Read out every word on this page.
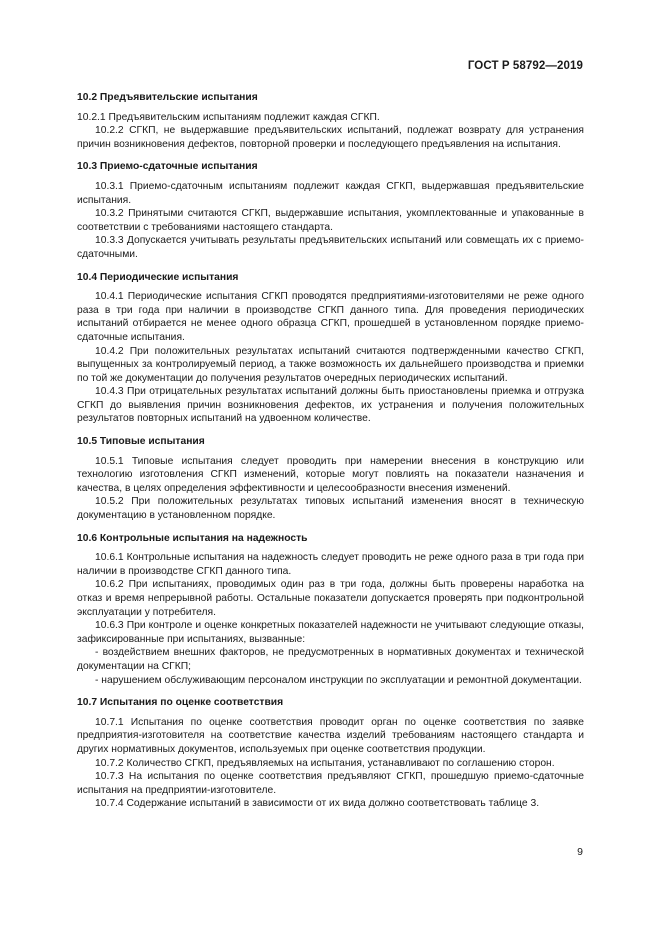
ГОСТ Р 58792—2019
10.2 Предъявительские испытания

10.2.1 Предъявительским испытаниям подлежит каждая СГКП.

10.2.2 СГКП, не выдержавшие предъявительских испытаний, подлежат возврату для устранения причин возникновения дефектов, повторной проверки и последующего предъявления на испытания.

10.3 Приемо-сдаточные испытания

10.3.1 Приемо-сдаточным испытаниям подлежит каждая СГКП, выдержавшая предъявительские испытания.

10.3.2 Принятыми считаются СГКП, выдержавшие испытания, укомплектованные и упакованные в соответствии с требованиями настоящего стандарта.

10.3.3 Допускается учитывать результаты предъявительских испытаний или совмещать их с приемо-сдаточными.

10.4 Периодические испытания

10.4.1 Периодические испытания СГКП проводятся предприятиями-изготовителями не реже одного раза в три года при наличии в производстве СГКП данного типа. Для проведения периодических испытаний отбирается не менее одного образца СГКП, прошедшей в установленном порядке приемо-сдаточные испытания.

10.4.2 При положительных результатах испытаний считаются подтвержденными качество СГКП, выпущенных за контролируемый период, а также возможность их дальнейшего производства и приемки по той же документации до получения результатов очередных периодических испытаний.

10.4.3 При отрицательных результатах испытаний должны быть приостановлены приемка и отгрузка СГКП до выявления причин возникновения дефектов, их устранения и получения положительных результатов повторных испытаний на удвоенном количестве.

10.5 Типовые испытания

10.5.1 Типовые испытания следует проводить при намерении внесения в конструкцию или технологию изготовления СГКП изменений, которые могут повлиять на показатели назначения и качества, в целях определения эффективности и целесообразности внесения изменений.

10.5.2 При положительных результатах типовых испытаний изменения вносят в техническую документацию в установленном порядке.

10.6 Контрольные испытания на надежность

10.6.1 Контрольные испытания на надежность следует проводить не реже одного раза в три года при наличии в производстве СГКП данного типа.

10.6.2 При испытаниях, проводимых один раз в три года, должны быть проверены наработка на отказ и время непрерывной работы. Остальные показатели допускается проверять при подконтрольной эксплуатации у потребителя.

10.6.3 При контроле и оценке конкретных показателей надежности не учитывают следующие отказы, зафиксированные при испытаниях, вызванные:

- воздействием внешних факторов, не предусмотренных в нормативных документах и технической документации на СГКП;

- нарушением обслуживающим персоналом инструкции по эксплуатации и ремонтной документации.

10.7 Испытания по оценке соответствия

10.7.1 Испытания по оценке соответствия проводит орган по оценке соответствия по заявке предприятия-изготовителя на соответствие качества изделий требованиям настоящего стандарта и других нормативных документов, используемых при оценке соответствия продукции.

10.7.2 Количество СГКП, предъявляемых на испытания, устанавливают по соглашению сторон.

10.7.3 На испытания по оценке соответствия предъявляют СГКП, прошедшую приемо-сдаточные испытания на предприятии-изготовителе.

10.7.4 Содержание испытаний в зависимости от их вида должно соответствовать таблице 3.

9
